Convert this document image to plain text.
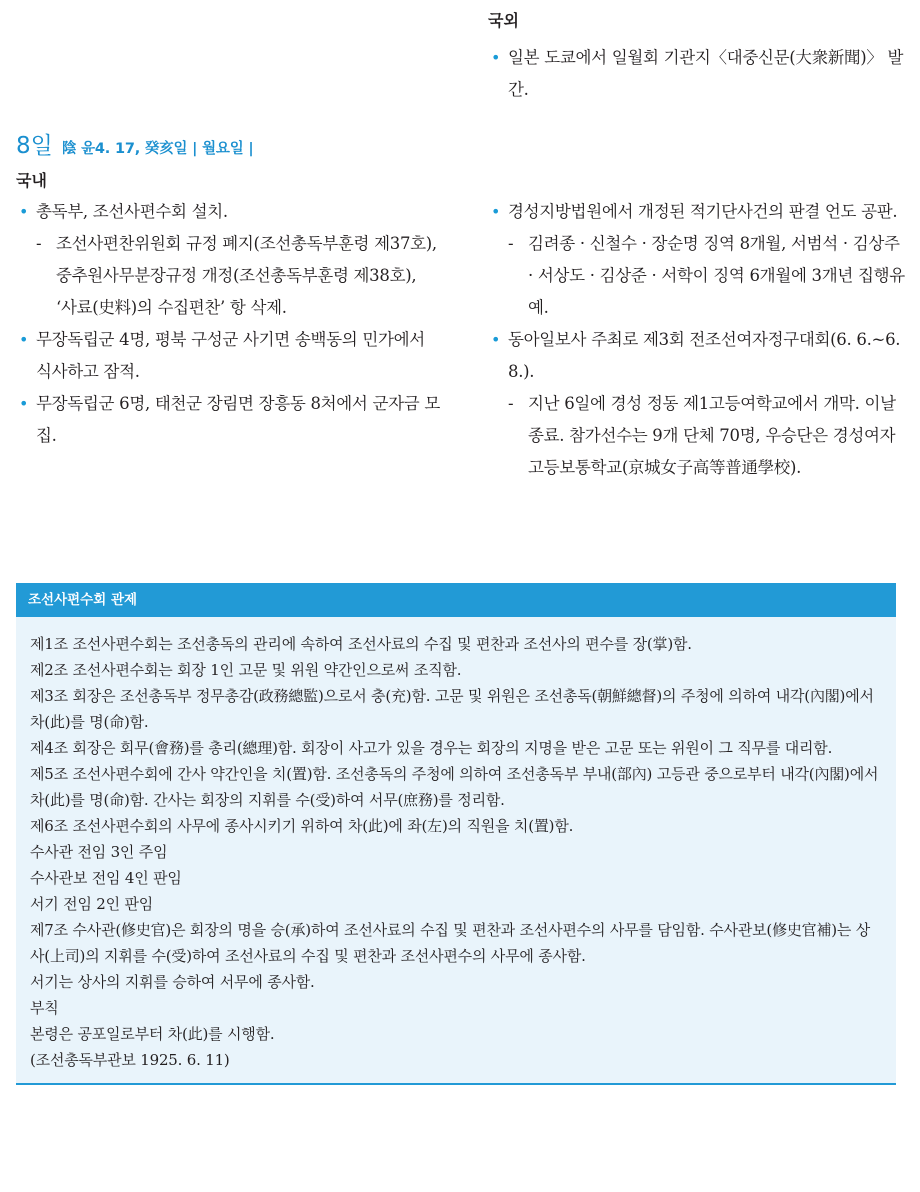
국외
• 일본 도쿄에서 일월회 기관지〈대중신문(大衆新聞)〉 발간.
8일 陰 윤4. 17, 癸亥일 | 월요일 |
국내
• 총독부, 조선사편수회 설치.
- 조선사편찬위원회 규정 폐지(조선총독부훈령 제37호), 중추원사무분장규정 개정(조선총독부훈령 제38호), ‘사료(史料)의 수집편찬’ 항 삭제.
• 무장독립군 4명, 평북 구성군 사기면 송백동의 민가에서 식사하고 잠적.
• 무장독립군 6명, 태천군 장림면 장흥동 8처에서 군자금 모집.
• 경성지방법원에서 개정된 적기단사건의 판결 언도 공판.
- 김려종 · 신철수 · 장순명 징역 8개월, 서범석 · 김상주 · 서상도 · 김상준 · 서학이 징역 6개월에 3개년 집행유예.
• 동아일보사 주최로 제3회 전조선여자정구대회(6. 6.~6. 8.).
- 지난 6일에 경성 정동 제1고등여학교에서 개막. 이날 종료. 참가선수는 9개 단체 70명, 우승단은 경성여자고등보통학교(京城女子高等普通學校).
조선사편수회 관제

제1조 조선사편수회는 조선총독의 관리에 속하여 조선사료의 수집 및 편찬과 조선사의 편수를 장(掌)함.

제2조 조선사편수회는 회장 1인 고문 및 위원 약간인으로써 조직함.

제3조 회장은 조선총독부 정무총감(政務總監)으로서 충(充)함. 고문 및 위원은 조선총독(朝鮮總督)의 주청에 의하여 내각(內閣)에서 차(此)를 명(命)함.

제4조 회장은 회무(會務)를 총리(總理)함. 회장이 사고가 있을 경우는 회장의 지명을 받은 고문 또는 위원이 그 직무를 대리함.

제5조 조선사편수회에 간사 약간인을 치(置)함. 조선총독의 주청에 의하여 조선총독부 부내(部內) 고등관 중으로부터 내각(內閣)에서 차(此)를 명(命)함. 간사는 회장의 지휘를 수(受)하여 서무(庶務)를 정리함.

제6조 조선사편수회의 사무에 종사시키기 위하여 차(此)에 좌(左)의 직원을 치(置)함.

수사관 전임 3인 주임

수사관보 전임 4인 판임

서기 전임 2인 판임

제7조 수사관(修史官)은 회장의 명을 승(承)하여 조선사료의 수집 및 편찬과 조선사편수의 사무를 담임함. 수사관보(修史官補)는 상사(上司)의 지휘를 수(受)하여 조선사료의 수집 및 편찬과 조선사편수의 사무에 종사함.

서기는 상사의 지휘를 승하여 서무에 종사함.

부칙

본령은 공포일로부터 차(此)를 시행함.

(조선총독부관보 1925. 6. 11)
